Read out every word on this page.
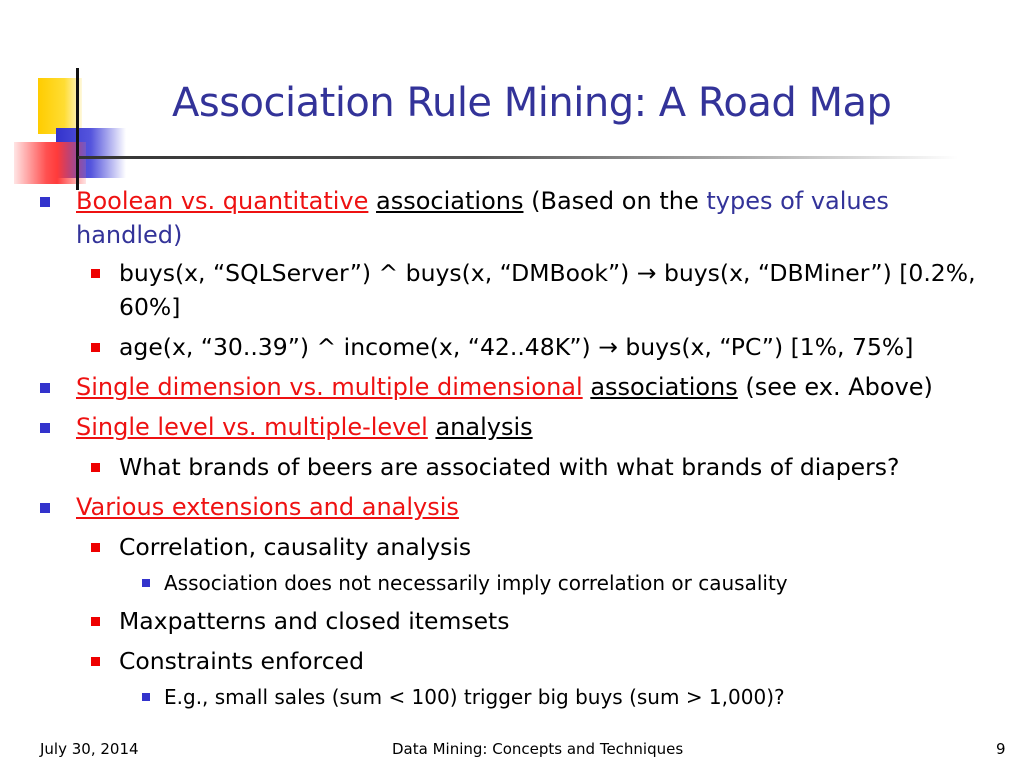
Association Rule Mining: A Road Map
Boolean vs. quantitative associations (Based on the types of values handled)
buys(x, “SQLServer”) ^ buys(x, “DMBook”) → buys(x, “DBMiner”) [0.2%, 60%]
age(x, “30..39”) ^ income(x, “42..48K”) → buys(x, “PC”) [1%, 75%]
Single dimension vs. multiple dimensional associations (see ex. Above)
Single level vs. multiple-level analysis
What brands of beers are associated with what brands of diapers?
Various extensions and analysis
Correlation, causality analysis
Association does not necessarily imply correlation or causality
Maxpatterns and closed itemsets
Constraints enforced
E.g., small sales (sum < 100) trigger big buys (sum > 1,000)?
July 30, 2014	Data Mining: Concepts and Techniques	9
